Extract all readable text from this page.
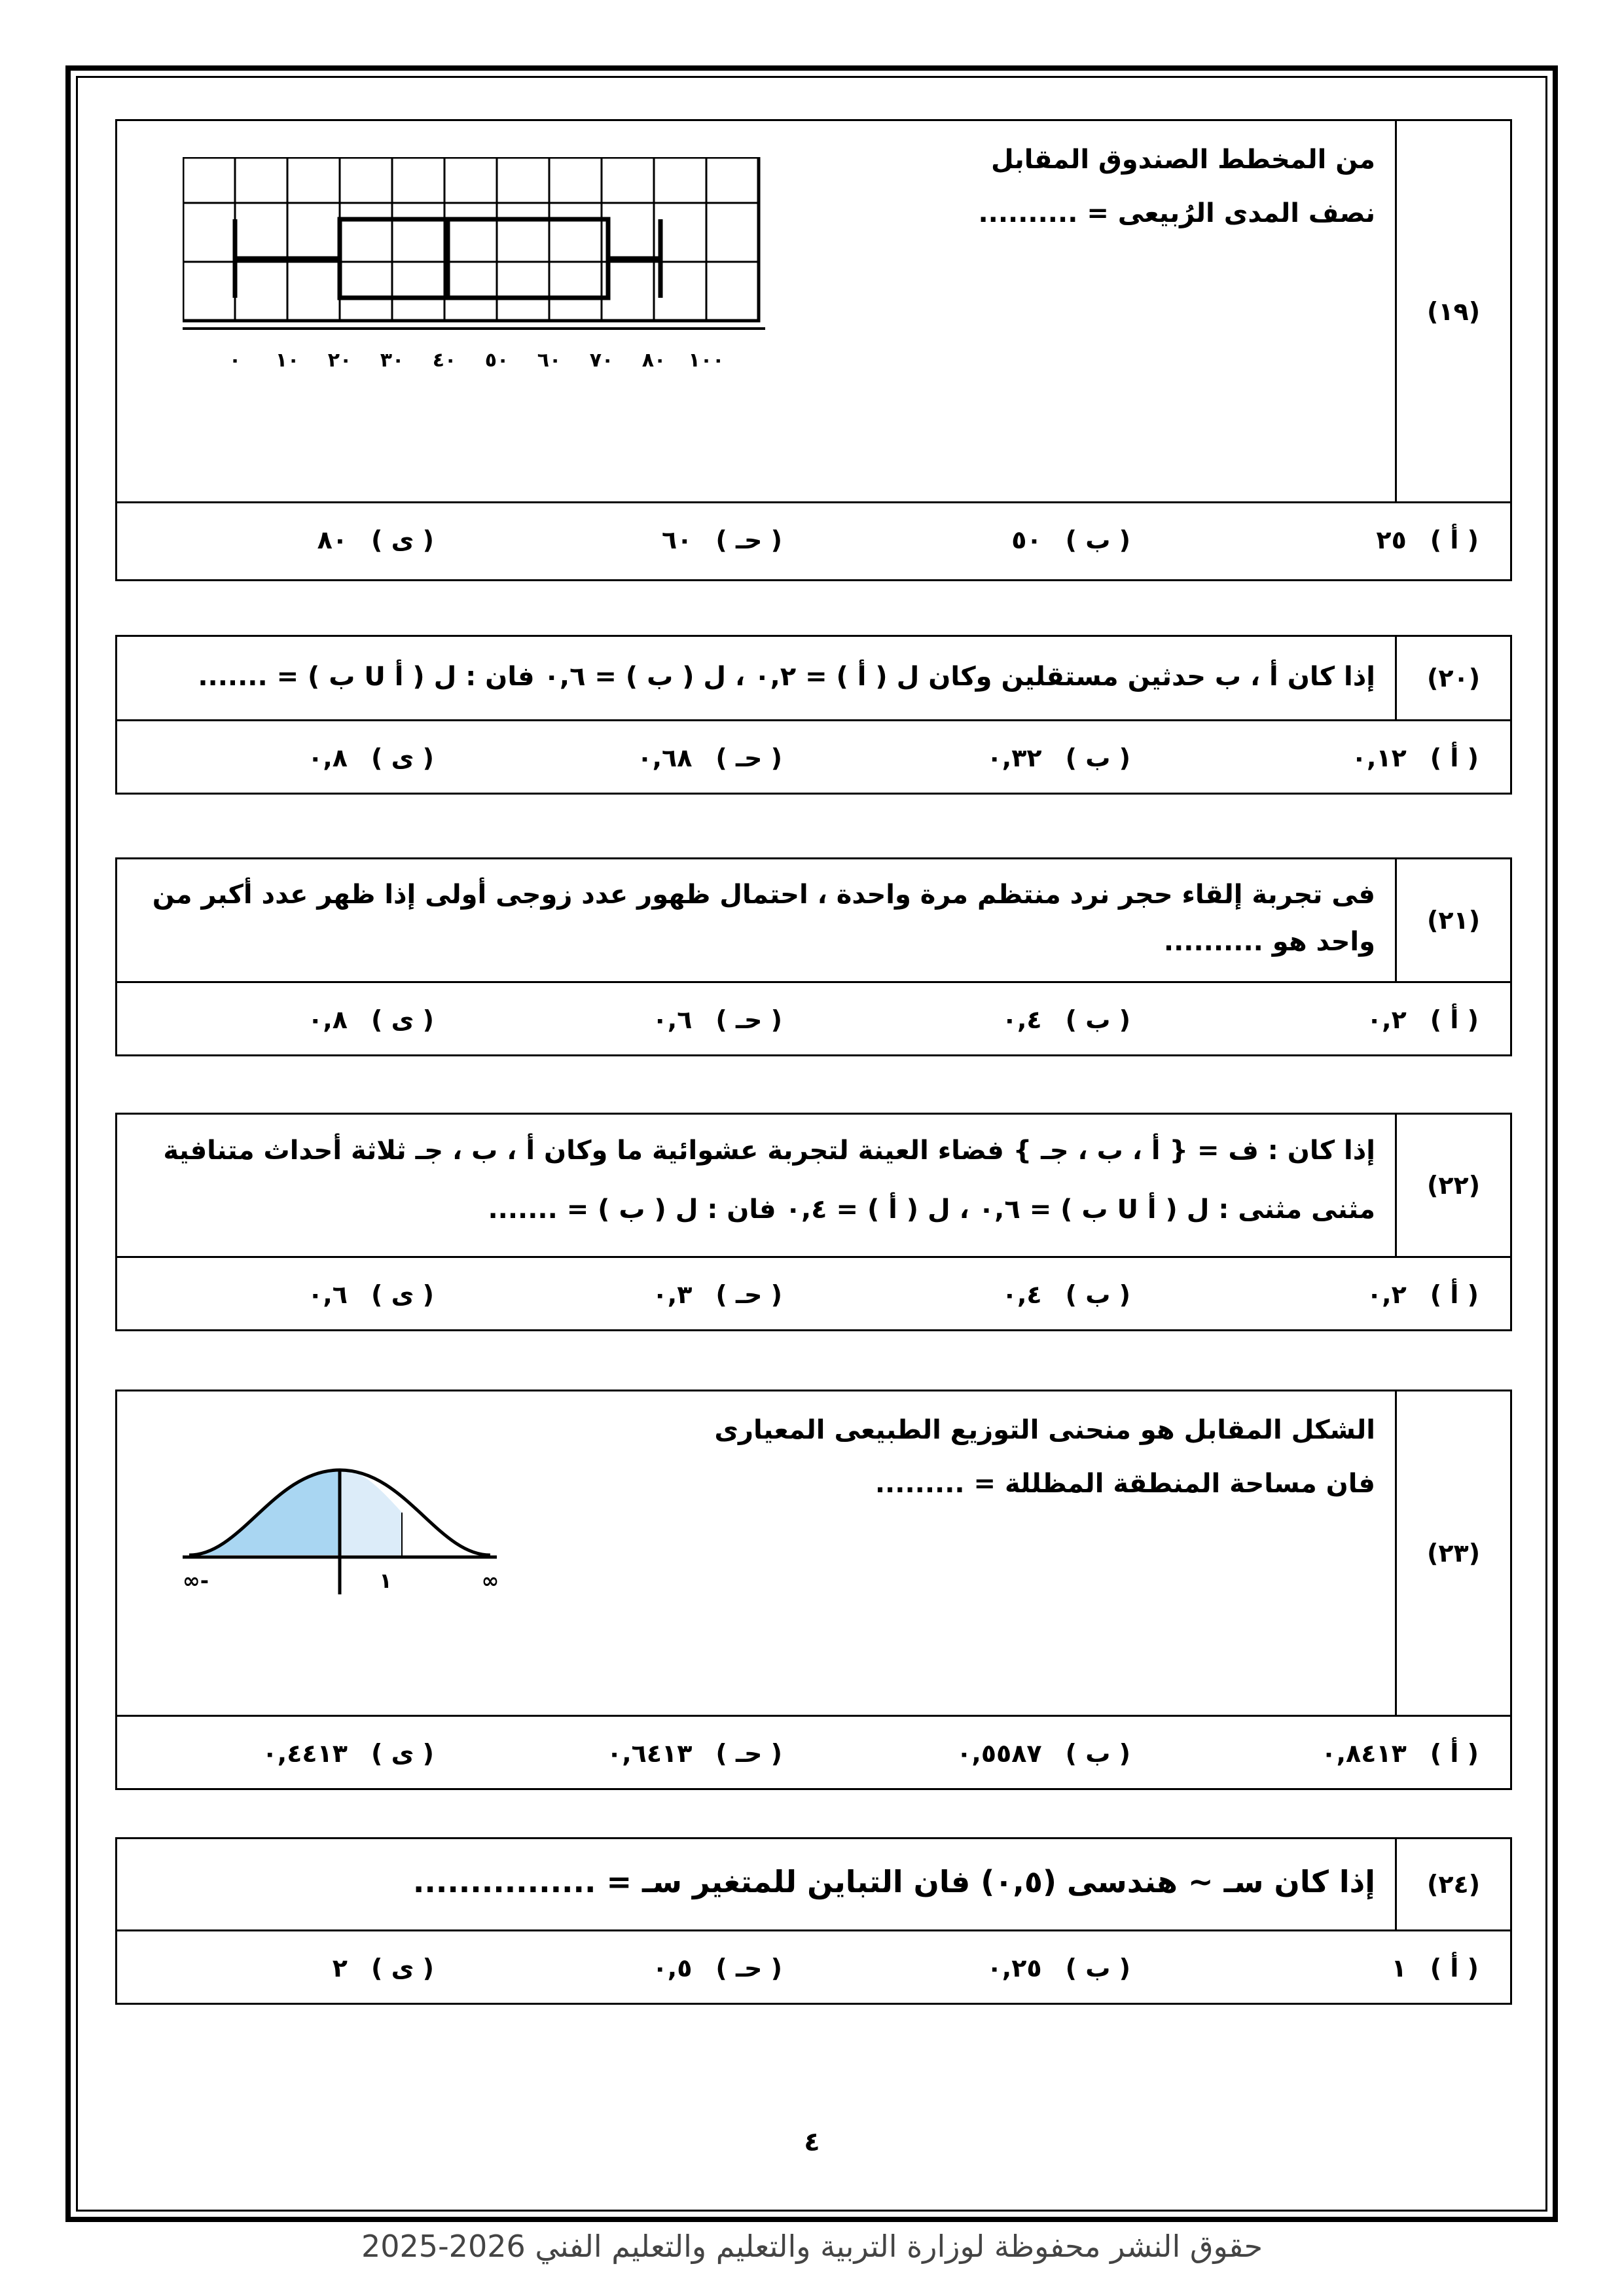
(١٩)
من المخطط الصندوق المقابل
نصف المدى الرُبيعى = ..........
٠ ١٠ ٢٠ ٣٠ ٤٠ ٥٠ ٦٠ ٧٠ ٨٠ ١٠٠
( أ )
٢٥
( ب )
٥٠
( حـ )
٦٠
( ى )
٨٠
(٢٠)
إذا كان أ ، ب حدثين مستقلين وكان ل ( أ ) = ٠,٢ ، ل ( ب ) = ٠,٦ فان : ل ( أ U ب ) = .......
( أ )
٠,١٢
( ب )
٠,٣٢
( حـ )
٠,٦٨
( ى )
٠,٨
(٢١)
فى تجربة إلقاء حجر نرد منتظم مرة واحدة ، احتمال ظهور عدد زوجى أولى إذا ظهر عدد أكبر من
واحد هو ..........
( أ )
٠,٢
( ب )
٠,٤
( حـ )
٠,٦
( ى )
٠,٨
(٢٢)
إذا كان : ف = { أ ، ب ، جـ } فضاء العينة لتجربة عشوائية ما وكان أ ، ب ، جـ ثلاثة أحداث متنافية
مثنى مثنى : ل ( أ U ب ) = ٠,٦ ، ل ( أ ) = ٠,٤ فان : ل ( ب ) = .......
( أ )
٠,٢
( ب )
٠,٤
( حـ )
٠,٣
( ى )
٠,٦
(٢٣)
الشكل المقابل هو منحنى التوزيع الطبيعى المعيارى
فان مساحة المنطقة المظللة = .........
-∞	١	∞
( أ )
٠,٨٤١٣
( ب )
٠,٥٥٨٧
( حـ )
٠,٦٤١٣
( ى )
٠,٤٤١٣
(٢٤)
إذا كان سـ ~ هندسى (٠,٥) فان التباين للمتغير سـ = ................
( أ )
١
( ب )
٠,٢٥
( حـ )
٠,٥
( ى )
٢
٤
حقوق النشر محفوظة لوزارة التربية والتعليم والتعليم الفني 2026-2025
